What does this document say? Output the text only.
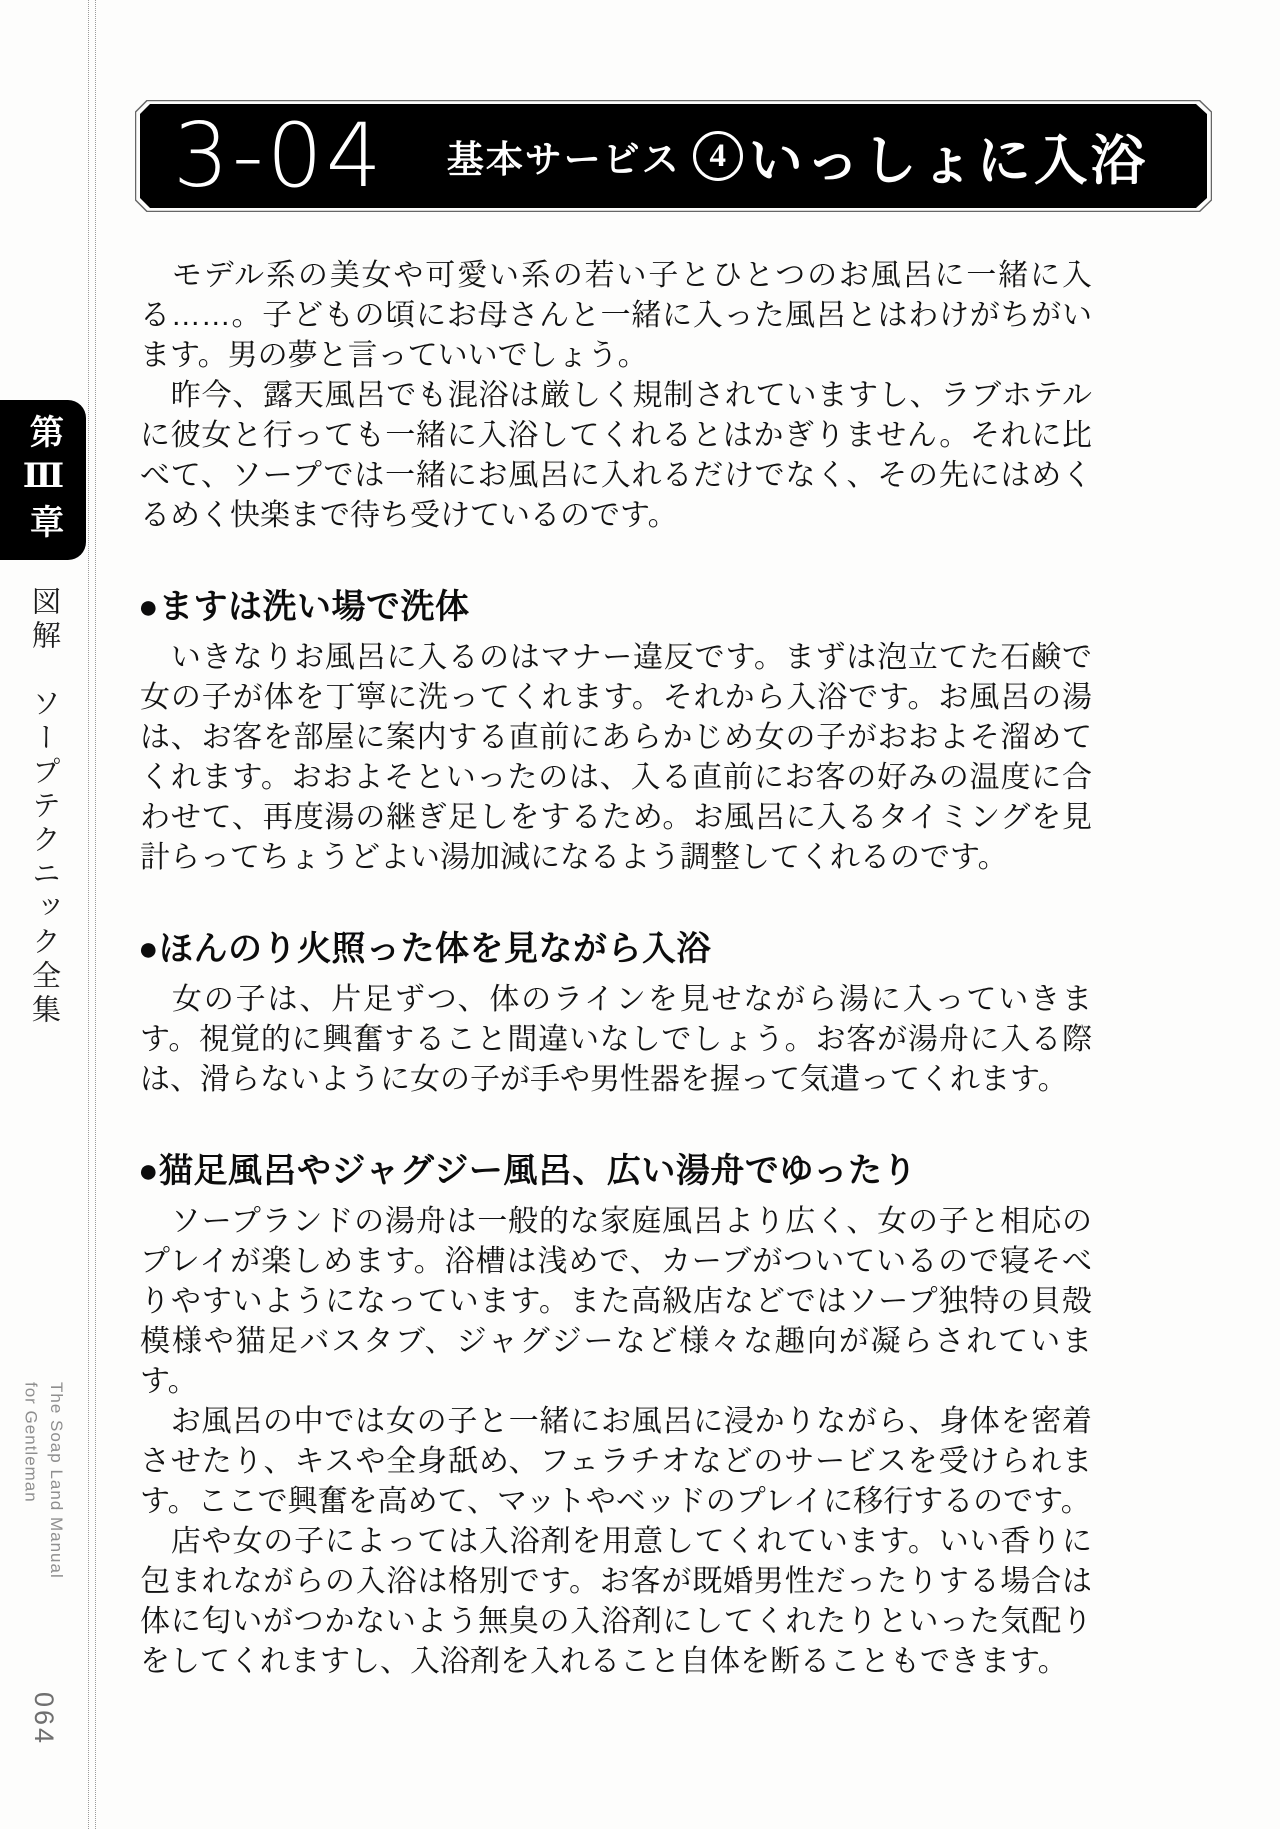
第Ⅲ章
図解　ソープテクニック全集
The Soap Land Manual
for Gentleman
064
3-04 基本サービス 4 いっしょに入浴

　モデル系の美女や可愛い系の若い子とひとつのお風呂に一緒に入る……。子どもの頃にお母さんと一緒に入った風呂とはわけがちがいます。男の夢と言っていいでしょう。

　昨今、露天風呂でも混浴は厳しく規制されていますし、ラブホテルに彼女と行っても一緒に入浴してくれるとはかぎりません。それに比べて、ソープでは一緒にお風呂に入れるだけでなく、その先にはめくるめく快楽まで待ち受けているのです。

●ますは洗い場で洗体

　いきなりお風呂に入るのはマナー違反です。まずは泡立てた石鹸で女の子が体を丁寧に洗ってくれます。それから入浴です。お風呂の湯は、お客を部屋に案内する直前にあらかじめ女の子がおおよそ溜めてくれます。おおよそといったのは、入る直前にお客の好みの温度に合わせて、再度湯の継ぎ足しをするため。お風呂に入るタイミングを見計らってちょうどよい湯加減になるよう調整してくれるのです。

●ほんのり火照った体を見ながら入浴

　女の子は、片足ずつ、体のラインを見せながら湯に入っていきます。視覚的に興奮すること間違いなしでしょう。お客が湯舟に入る際は、滑らないように女の子が手や男性器を握って気遣ってくれます。

●猫足風呂やジャグジー風呂、広い湯舟でゆったり

　ソープランドの湯舟は一般的な家庭風呂より広く、女の子と相応のプレイが楽しめます。浴槽は浅めで、カーブがついているので寝そべりやすいようになっています。また高級店などではソープ独特の貝殻模様や猫足バスタブ、ジャグジーなど様々な趣向が凝らされています。

　お風呂の中では女の子と一緒にお風呂に浸かりながら、身体を密着させたり、キスや全身舐め、フェラチオなどのサービスを受けられます。ここで興奮を高めて、マットやベッドのプレイに移行するのです。

　店や女の子によっては入浴剤を用意してくれています。いい香りに包まれながらの入浴は格別です。お客が既婚男性だったりする場合は体に匂いがつかないよう無臭の入浴剤にしてくれたりといった気配りをしてくれますし、入浴剤を入れること自体を断ることもできます。
